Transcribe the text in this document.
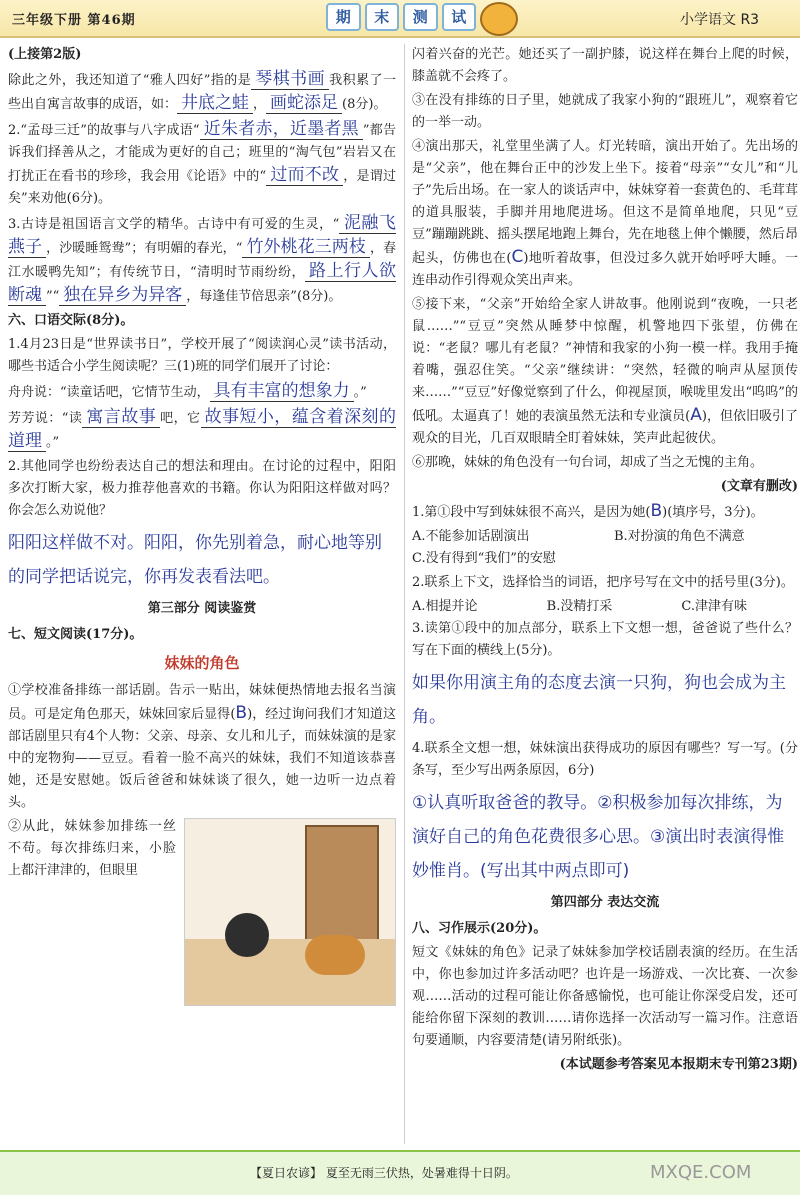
三年级下册 第46期	期	末	测	试	小学语文 R3

(上接第2版)

除此之外，我还知道了“雅人四好”指的是 琴棋书画 我积累了一些出自寓言故事的成语，如： 井底之蛙 ， 画蛇添足 (8分)。

2.“孟母三迁”的故事与八字成语“ 近朱者赤，近墨者黑 ”都告诉我们择善从之，才能成为更好的自己；班里的“淘气包”岩岩又在打扰正在看书的珍珍，我会用《论语》中的“ 过而不改 ，是谓过矣”来劝他(6分)。

3.古诗是祖国语言文学的精华。古诗中有可爱的生灵，“ 泥融飞燕子 ，沙暖睡鸳鸯”；有明媚的春光，“ 竹外桃花三两枝 ，春江水暖鸭先知”；有传统节日，“清明时节雨纷纷， 路上行人欲断魂 ”“ 独在异乡为异客 ，每逢佳节倍思亲”(8分)。

六、口语交际(8分)。

1.4月23日是“世界读书日”，学校开展了“阅读润心灵”读书活动，哪些书适合小学生阅读呢？三(1)班的同学们展开了讨论：

舟舟说：“读童话吧，它情节生动， 具有丰富的想象力 。”

芳芳说：“读 寓言故事 吧，它 故事短小，蕴含着深刻的道理 。”

2.其他同学也纷纷表达自己的想法和理由。在讨论的过程中，阳阳多次打断大家，极力推荐他喜欢的书籍。你认为阳阳这样做对吗？你会怎么劝说他？

阳阳这样做不对。阳阳，你先别着急，耐心地等别的同学把话说完，你再发表看法吧。
第三部分 阅读鉴赏

七、短文阅读(17分)。

妹妹的角色

①学校准备排练一部话剧。告示一贴出，妹妹便热情地去报名当演员。可是定角色那天，妹妹回家后显得(B)，经过询问我们才知道这部话剧里只有4个人物：父亲、母亲、女儿和儿子，而妹妹演的是家中的宠物狗——豆豆。看着一脸不高兴的妹妹，我们不知道该恭喜她，还是安慰她。饭后爸爸和妹妹谈了很久，她一边听一边点着头。

②从此，妹妹参加排练一丝不苟。每次排练归来，小脸上都汗津津的，但眼里

闪着兴奋的光芒。她还买了一副护膝，说这样在舞台上爬的时候，膝盖就不会疼了。

③在没有排练的日子里，她就成了我家小狗的“跟班儿”，观察着它的一举一动。

④演出那天，礼堂里坐满了人。灯光转暗，演出开始了。先出场的是“父亲”，他在舞台正中的沙发上坐下。接着“母亲”“女儿”和“儿子”先后出场。在一家人的谈话声中，妹妹穿着一套黄色的、毛茸茸的道具服装，手脚并用地爬进场。但这不是简单地爬，只见“豆豆”蹦蹦跳跳、摇头摆尾地跑上舞台，先在地毯上伸个懒腰，然后昂起头，仿佛也在(C)地听着故事，但没过多久就开始呼呼大睡。一连串动作引得观众笑出声来。

⑤接下来，“父亲”开始给全家人讲故事。他刚说到“夜晚，一只老鼠……”“豆豆”突然从睡梦中惊醒，机警地四下张望，仿佛在说：“老鼠？哪儿有老鼠？”神情和我家的小狗一模一样。我用手掩着嘴，强忍住笑。“父亲”继续讲：“突然，轻微的响声从屋顶传来……”“豆豆”好像觉察到了什么，仰视屋顶，喉咙里发出“呜呜”的低吼。太逼真了！她的表演虽然无法和专业演员(A)，但依旧吸引了观众的目光，几百双眼睛全盯着妹妹，笑声此起彼伏。

⑥那晚，妹妹的角色没有一句台词，却成了当之无愧的主角。

(文章有删改)

1.第①段中写到妹妹很不高兴，是因为她(B)(填序号，3分)。

A.不能参加话剧演出	B.对扮演的角色不满意

C.没有得到“我们”的安慰

2.联系上下文，选择恰当的词语，把序号写在文中的括号里(3分)。

A.相提并论	B.没精打采	C.津津有味

3.读第①段中的加点部分，联系上下文想一想，爸爸说了些什么？写在下面的横线上(5分)。

如果你用演主角的态度去演一只狗，狗也会成为主角。

4.联系全文想一想，妹妹演出获得成功的原因有哪些？写一写。(分条写，至少写出两条原因，6分)

①认真听取爸爸的教导。②积极参加每次排练，为演好自己的角色花费很多心思。③演出时表演得惟妙惟肖。(写出其中两点即可)
第四部分 表达交流

八、习作展示(20分)。

短文《妹妹的角色》记录了妹妹参加学校话剧表演的经历。在生活中，你也参加过许多活动吧？也许是一场游戏、一次比赛、一次参观……活动的过程可能让你备感愉悦，也可能让你深受启发，还可能给你留下深刻的教训……请你选择一次活动写一篇习作。注意语句要通顺，内容要清楚(请另附纸张)。

(本试题参考答案见本报期末专刊第23期)

【夏日农谚】 夏至无雨三伏热，处暑难得十日阴。	MXQE.COM
